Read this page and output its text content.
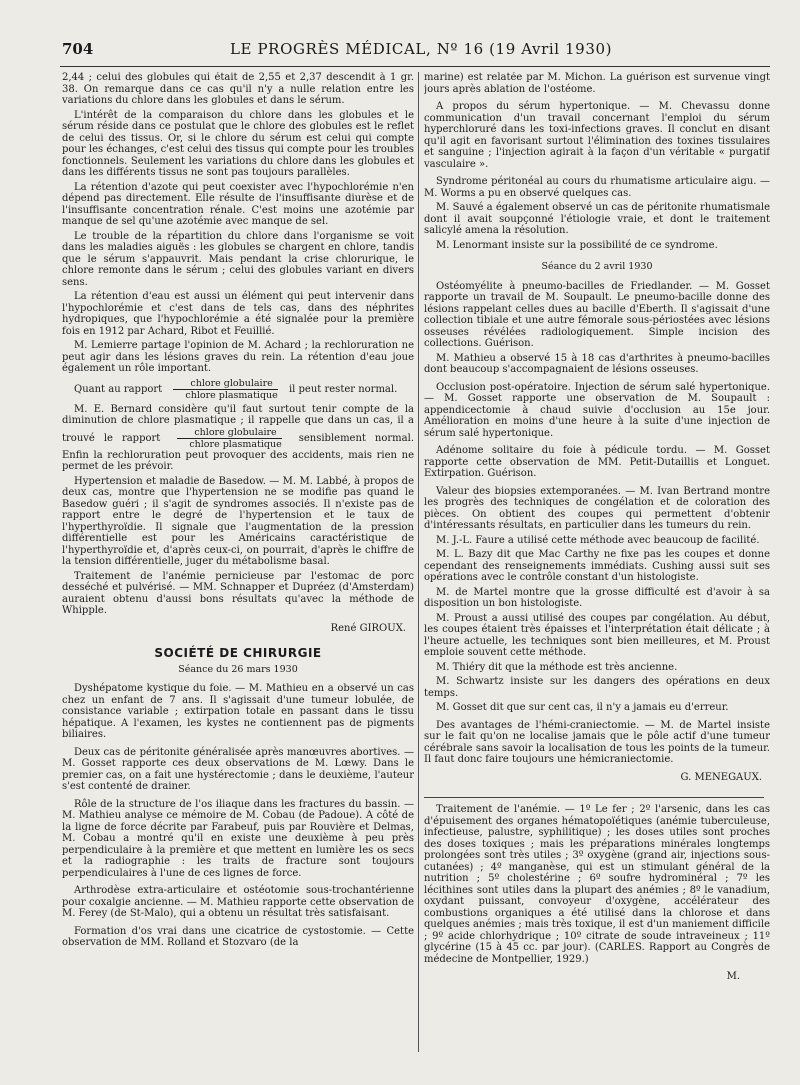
704	LE PROGRÈS MÉDICAL, Nº 16 (19 Avril 1930)

2,44 ; celui des globules qui était de 2,55 et 2,37 descendit à 1 gr. 38. On remarque dans ce cas qu'il n'y a nulle relation entre les variations du chlore dans les globules et dans le sérum.

L'intérêt de la comparaison du chlore dans les globules et le sérum réside dans ce postulat que le chlore des globules est le reflet de celui des tissus. Or, si le chlore du sérum est celui qui compte pour les échanges, c'est celui des tissus qui compte pour les troubles fonctionnels. Seulement les variations du chlore dans les globules et dans les différents tissus ne sont pas toujours parallèles.

La rétention d'azote qui peut coexister avec l'hypochlorémie n'en dépend pas directement. Elle résulte de l'insuffisante diurèse et de l'insuffisante concentration rénale. C'est moins une azotémie par manque de sel qu'une azotémie avec manque de sel.

Le trouble de la répartition du chlore dans l'organisme se voit dans les maladies aiguës : les globules se chargent en chlore, tandis que le sérum s'appauvrit. Mais pendant la crise chlorurique, le chlore remonte dans le sérum ; celui des globules variant en divers sens.

La rétention d'eau est aussi un élément qui peut intervenir dans l'hypochlorémie et c'est dans de tels cas, dans des néphrites hydropiques, que l'hypochlorémie a été signalée pour la première fois en 1912 par Achard, Ribot et Feuillié.

M. Lemierre partage l'opinion de M. Achard ; la rechloruration ne peut agir dans les lésions graves du rein. La rétention d'eau joue également un rôle important.

Quant au rapport $\frac{\text{chlore globulaire}}{\text{chlore plasmatique}}$ il peut rester normal.

M. E. Bernard considère qu'il faut surtout tenir compte de la diminution de chlore plasmatique ; il rappelle que dans un cas, il a trouvé le rapport $\frac{\text{chlore globulaire}}{\text{chlore plasmatique}}$ sensiblement normal. Enfin la rechloruration peut provoquer des accidents, mais rien ne permet de les prévoir.

Hypertension et maladie de Basedow. — M. M. Labbé, à propos de deux cas, montre que l'hypertension ne se modifie pas quand le Basedow guéri ; il s'agit de syndromes associés. Il n'existe pas de rapport entre le degré de l'hypertension et le taux de l'hyperthyroïdie. Il signale que l'augmentation de la pression différentielle est pour les Américains caractéristique de l'hyperthyroïdie et, d'après ceux-ci, on pourrait, d'après le chiffre de la tension différentielle, juger du métabolisme basal.

Traitement de l'anémie pernicieuse par l'estomac de porc desséché et pulvérisé. — MM. Schnapper et Dupréez (d'Amsterdam) auraient obtenu d'aussi bons résultats qu'avec la méthode de Whipple.

René GIROUX.
SOCIÉTÉ DE CHIRURGIE
Séance du 26 mars 1930

Dyshépatome kystique du foie. — M. Mathieu en a observé un cas chez un enfant de 7 ans. Il s'agissait d'une tumeur lobulée, de consistance variable ; extirpation totale en passant dans le tissu hépatique. A l'examen, les kystes ne contiennent pas de pigments biliaires.

Deux cas de péritonite généralisée après manœuvres abortives. — M. Gosset rapporte ces deux observations de M. Lœwy. Dans le premier cas, on a fait une hystérectomie ; dans le deuxième, l'auteur s'est contenté de drainer.

Rôle de la structure de l'os iliaque dans les fractures du bassin. — M. Mathieu analyse ce mémoire de M. Cobau (de Padoue). A côté de la ligne de force décrite par Farabeuf, puis par Rouvière et Delmas, M. Cobau a montré qu'il en existe une deuxième à peu près perpendiculaire à la première et que mettent en lumière les os secs et la radiographie : les traits de fracture sont toujours perpendiculaires à l'une de ces lignes de force.

Arthrodèse extra-articulaire et ostéotomie sous-trochantérienne pour coxalgie ancienne. — M. Mathieu rapporte cette observation de M. Ferey (de St-Malo), qui a obtenu un résultat très satisfaisant.

Formation d'os vrai dans une cicatrice de cystostomie. — Cette observation de MM. Rolland et Stozvaro (de la

marine) est relatée par M. Michon. La guérison est survenue vingt jours après ablation de l'ostéome.

A propos du sérum hypertonique. — M. Chevassu donne communication d'un travail concernant l'emploi du sérum hyperchloruré dans les toxi-infections graves. Il conclut en disant qu'il agit en favorisant surtout l'élimination des toxines tissulaires et sanguine ; l'injection agirait à la façon d'un véritable « purgatif vasculaire ».

Syndrome péritonéal au cours du rhumatisme articulaire aigu. — M. Worms a pu en observé quelques cas.

M. Sauvé a également observé un cas de péritonite rhumatismale dont il avait soupçonné l'étiologie vraie, et dont le traitement salicylé amena la résolution.

M. Lenormant insiste sur la possibilité de ce syndrome.

Séance du 2 avril 1930

Ostéomyélite à pneumo-bacilles de Friedlander. — M. Gosset rapporte un travail de M. Soupault. Le pneumo-bacille donne des lésions rappelant celles dues au bacille d'Eberth. Il s'agissait d'une collection tibiale et une autre fémorale sous-périostées avec lésions osseuses révélées radiologiquement. Simple incision des collections. Guérison.

M. Mathieu a observé 15 à 18 cas d'arthrites à pneumo-bacilles dont beaucoup s'accompagnaient de lésions osseuses.

Occlusion post-opératoire. Injection de sérum salé hypertonique. — M. Gosset rapporte une observation de M. Soupault : appendicectomie à chaud suivie d'occlusion au 15e jour. Amélioration en moins d'une heure à la suite d'une injection de sérum salé hypertonique.

Adénome solitaire du foie à pédicule tordu. — M. Gosset rapporte cette observation de MM. Petit-Dutaillis et Longuet. Extirpation. Guérison.

Valeur des biopsies extemporanées. — M. Ivan Bertrand montre les progrès des techniques de congélation et de coloration des pièces. On obtient des coupes qui permettent d'obtenir d'intéressants résultats, en particulier dans les tumeurs du rein.

M. J.-L. Faure a utilisé cette méthode avec beaucoup de facilité.

M. L. Bazy dit que Mac Carthy ne fixe pas les coupes et donne cependant des renseignements immédiats. Cushing aussi suit ses opérations avec le contrôle constant d'un histologiste.

M. de Martel montre que la grosse difficulté est d'avoir à sa disposition un bon histologiste.

M. Proust a aussi utilisé des coupes par congélation. Au début, les coupes étaient très épaisses et l'interprétation était délicate ; à l'heure actuelle, les techniques sont bien meilleures, et M. Proust emploie souvent cette méthode.

M. Thiéry dit que la méthode est très ancienne.

M. Schwartz insiste sur les dangers des opérations en deux temps.

M. Gosset dit que sur cent cas, il n'y a jamais eu d'erreur.

Des avantages de l'hémi-craniectomie. — M. de Martel insiste sur le fait qu'on ne localise jamais que le pôle actif d'une tumeur cérébrale sans savoir la localisation de tous les points de la tumeur. Il faut donc faire toujours une hémicraniectomie.

G. MENEGAUX.

Traitement de l'anémie. — 1º Le fer ; 2º l'arsenic, dans les cas d'épuisement des organes hématopoïétiques (anémie tuberculeuse, infectieuse, palustre, syphilitique) ; les doses utiles sont proches des doses toxiques ; mais les préparations minérales longtemps prolongées sont très utiles ; 3º oxygène (grand air, injections sous-cutanées) ; 4º manganèse, qui est un stimulant général de la nutrition ; 5º cholestérine ; 6º soufre hydrominéral ; 7º les lécithines sont utiles dans la plupart des anémies ; 8º le vanadium, oxydant puissant, convoyeur d'oxygène, accélérateur des combustions organiques a été utilisé dans la chlorose et dans quelques anémies ; mais très toxique, il est d'un maniement difficile ; 9º acide chlorhydrique ; 10º citrate de soude intraveineux ; 11º glycérine (15 à 45 cc. par jour). (CARLES. Rapport au Congrès de médecine de Montpellier, 1929.)

M.
